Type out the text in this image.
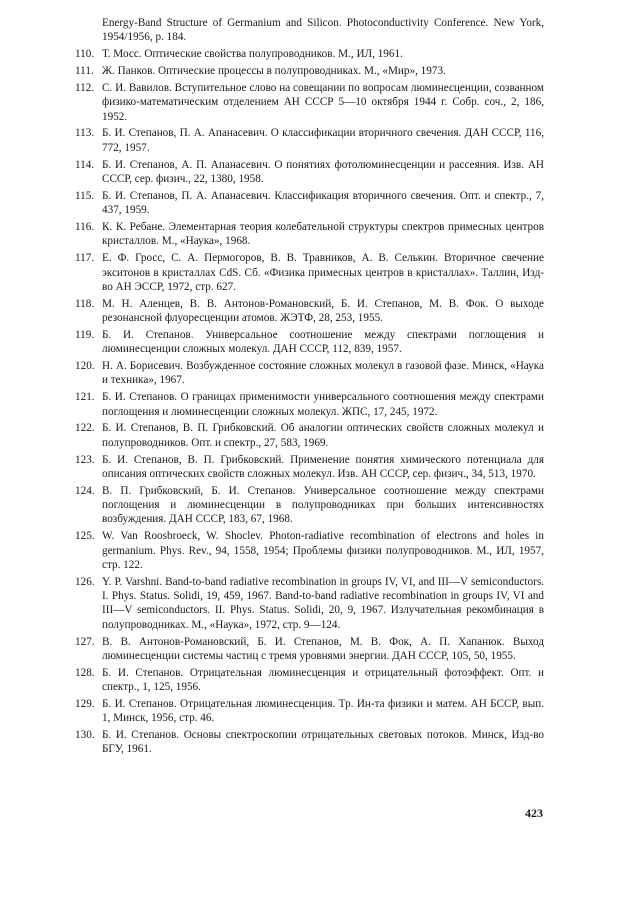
Energy-Band Structure of Germanium and Silicon. Photoconductivity Conference. New York, 1954/1956, p. 184.
110. Т. Мосс. Оптические свойства полупроводников. М., ИЛ, 1961.
111. Ж. Панков. Оптические процессы в полупроводниках. М., «Мир», 1973.
112. С. И. Вавилов. Вступительное слово на совещании по вопросам люминесценции, созванном физико-математическим отделением АН СССР 5—10 октября 1944 г. Собр. соч., 2, 186, 1952.
113. Б. И. Степанов, П. А. Апанасевич. О классификации вторичного свечения. ДАН СССР, 116, 772, 1957.
114. Б. И. Степанов, А. П. Апанасевич. О понятиях фотолюминесценции и рассеяния. Изв. АН СССР, сер. физич., 22, 1380, 1958.
115. Б. И. Степанов, П. А. Апанасевич. Классификация вторичного свечения. Опт. и спектр., 7, 437, 1959.
116. К. К. Ребане. Элементарная теория колебательной структуры спектров примесных центров кристаллов. М., «Наука», 1968.
117. Е. Ф. Гросс, С. А. Пермогоров, В. В. Травников, А. В. Селькин. Вторичное свечение экситонов в кристаллах CdS. Сб. «Физика примесных центров в кристаллах». Таллин, Изд-во АН ЭССР, 1972, стр. 627.
118. М. Н. Аленцев, В. В. Антонов-Романовский, Б. И. Степанов, М. В. Фок. О выходе резонансной флуоресценции атомов. ЖЭТФ, 28, 253, 1955.
119. Б. И. Степанов. Универсальное соотношение между спектрами поглощения и люминесценции сложных молекул. ДАН СССР, 112, 839, 1957.
120. Н. А. Борисевич. Возбужденное состояние сложных молекул в газовой фазе. Минск, «Наука и техника», 1967.
121. Б. И. Степанов. О границах применимости универсального соотношения между спектрами поглощения и люминесценции сложных молекул. ЖПС, 17, 245, 1972.
122. Б. И. Степанов, В. П. Грибковский. Об аналогии оптических свойств сложных молекул и полупроводников. Опт. и спектр., 27, 583, 1969.
123. Б. И. Степанов, В. П. Грибковский. Применение понятия химического потенциала для описания оптических свойств сложных молекул. Изв. АН СССР, сер. физич., 34, 513, 1970.
124. В. П. Грибковский, Б. И. Степанов. Универсальное соотношение между спектрами поглощения и люминесценции в полупроводниках при больших интенсивностях возбуждения. ДАН СССР, 183, 67, 1968.
125. W. Van Roosbroeck, W. Shoclev. Photon-radiative recombination of electrons and holes in germanium. Phys. Rev., 94, 1558, 1954; Проблемы физики полупроводников. М., ИЛ, 1957, стр. 122.
126. Y. P. Varshni. Band-to-band radiative recombination in groups IV, VI, and III—V semiconductors. I. Phys. Status. Solidi, 19, 459, 1967. Band-to-band radiative recombination in groups IV, VI and III—V semiconductors. II. Phys. Status. Solidi, 20, 9, 1967. Излучательная рекомбинация в полупроводниках. М., «Наука», 1972, стр. 9—124.
127. В. В. Антонов-Романовский, Б. И. Степанов, М. В. Фок, А. П. Хапанюк. Выход люминесценции системы частиц с тремя уровнями энергии. ДАН СССР, 105, 50, 1955.
128. Б. И. Степанов. Отрицательная люминесценция и отрицательный фотоэффект. Опт. и спектр., 1, 125, 1956.
129. Б. И. Степанов. Отрицательная люминесценция. Тр. Ин-та физики и матем. АН БССР, вып. 1, Минск, 1956, стр. 46.
130. Б. И. Степанов. Основы спектроскопии отрицательных световых потоков. Минск, Изд-во БГУ, 1961.
423
